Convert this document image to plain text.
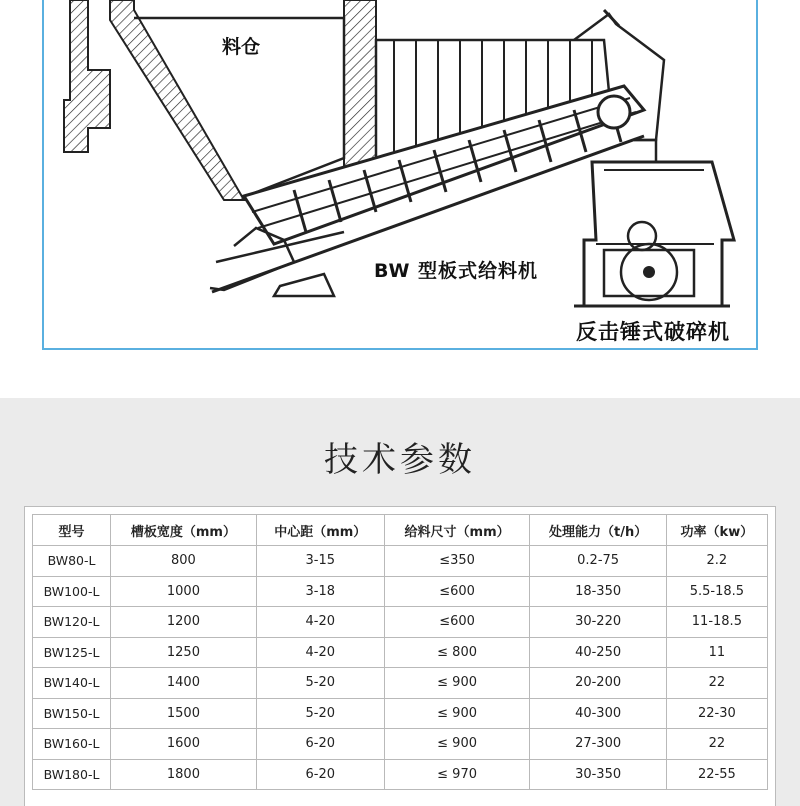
料仓
BW 型板式给料机
反击锤式破碎机
技术参数
型号	槽板宽度（mm）	中心距（mm）	给料尺寸（mm）	处理能力（t/h）	功率（kw）
BW80-L	800	3-15	≤350	0.2-75	2.2
BW100-L	1000	3-18	≤600	18-350	5.5-18.5
BW120-L	1200	4-20	≤600	30-220	11-18.5
BW125-L	1250	4-20	≤ 800	40-250	11
BW140-L	1400	5-20	≤ 900	20-200	22
BW150-L	1500	5-20	≤ 900	40-300	22-30
BW160-L	1600	6-20	≤ 900	27-300	22
BW180-L	1800	6-20	≤ 970	30-350	22-55
